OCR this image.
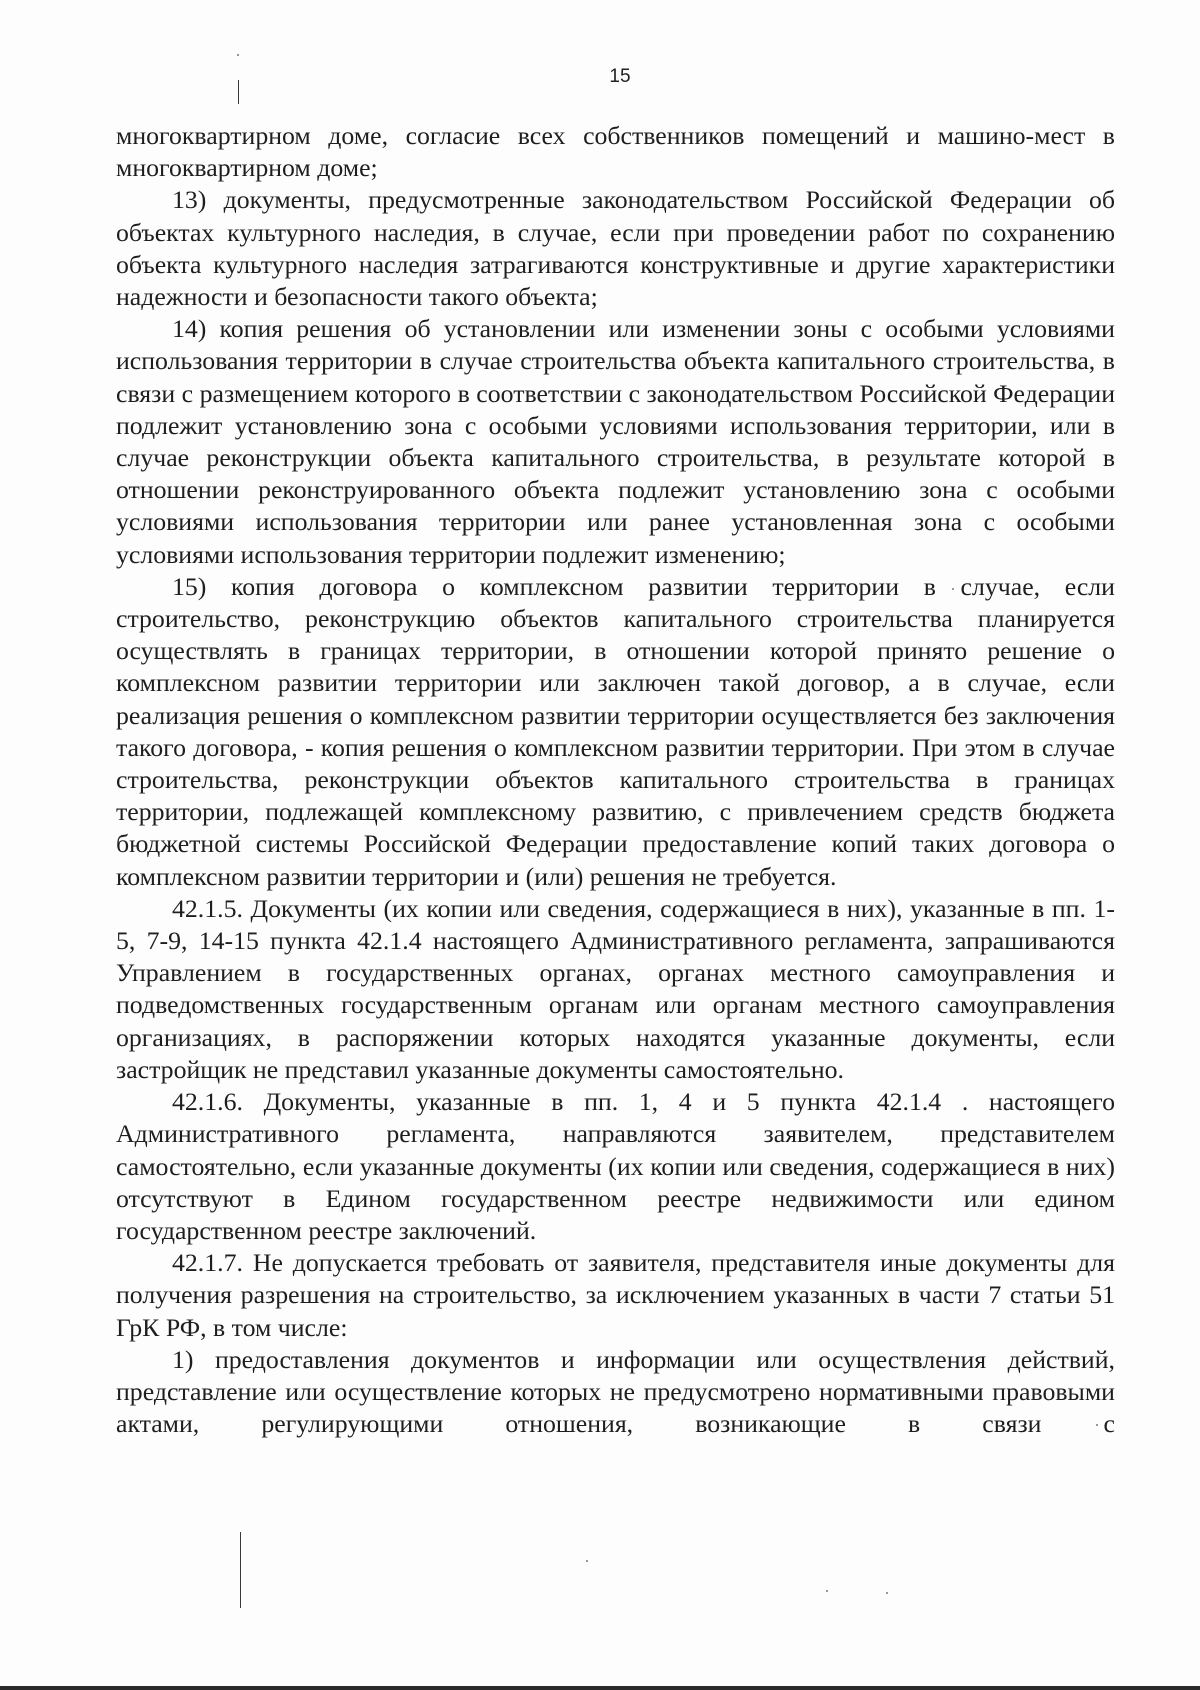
15

многоквартирном доме, согласие всех собственников помещений и машино-мест в многоквартирном доме;

13) документы, предусмотренные законодательством Российской Федерации об объектах культурного наследия, в случае, если при проведении работ по сохранению объекта культурного наследия затрагиваются конструктивные и другие характеристики надежности и безопасности такого объекта;

14) копия решения об установлении или изменении зоны с особыми условиями использования территории в случае строительства объекта капитального строительства, в связи с размещением которого в соответствии с законодательством Российской Федерации подлежит установлению зона с особыми условиями использования территории, или в случае реконструкции объекта капитального строительства, в результате которой в отношении реконструированного объекта подлежит установлению зона с особыми условиями использования территории или ранее установленная зона с особыми условиями использования территории подлежит изменению;

15) копия договора о комплексном развитии территории в случае, если строительство, реконструкцию объектов капитального строительства планируется осуществлять в границах территории, в отношении которой принято решение о комплексном развитии территории или заключен такой договор, а в случае, если реализация решения о комплексном развитии территории осуществляется без заключения такого договора, - копия решения о комплексном развитии территории. При этом в случае строительства, реконструкции объектов капитального строительства в границах территории, подлежащей комплексному развитию, с привлечением средств бюджета бюджетной системы Российской Федерации предоставление копий таких договора о комплексном развитии территории и (или) решения не требуется.

42.1.5. Документы (их копии или сведения, содержащиеся в них), указанные в пп. 1-5, 7-9, 14-15 пункта 42.1.4 настоящего Административного регламента, запрашиваются Управлением в государственных органах, органах местного самоуправления и подведомственных государственным органам или органам местного самоуправления организациях, в распоряжении которых находятся указанные документы, если застройщик не представил указанные документы самостоятельно.

42.1.6. Документы, указанные в пп. 1, 4 и 5 пункта 42.1.4 . настоящего Административного регламента, направляются заявителем, представителем самостоятельно, если указанные документы (их копии или сведения, содержащиеся в них) отсутствуют в Едином государственном реестре недвижимости или едином государственном реестре заключений.

42.1.7. Не допускается требовать от заявителя, представителя иные документы для получения разрешения на строительство, за исключением указанных в части 7 статьи 51 ГрК РФ, в том числе:

1) предоставления документов и информации или осуществления действий, представление или осуществление которых не предусмотрено нормативными правовыми актами, регулирующими отношения, возникающие в связи с
